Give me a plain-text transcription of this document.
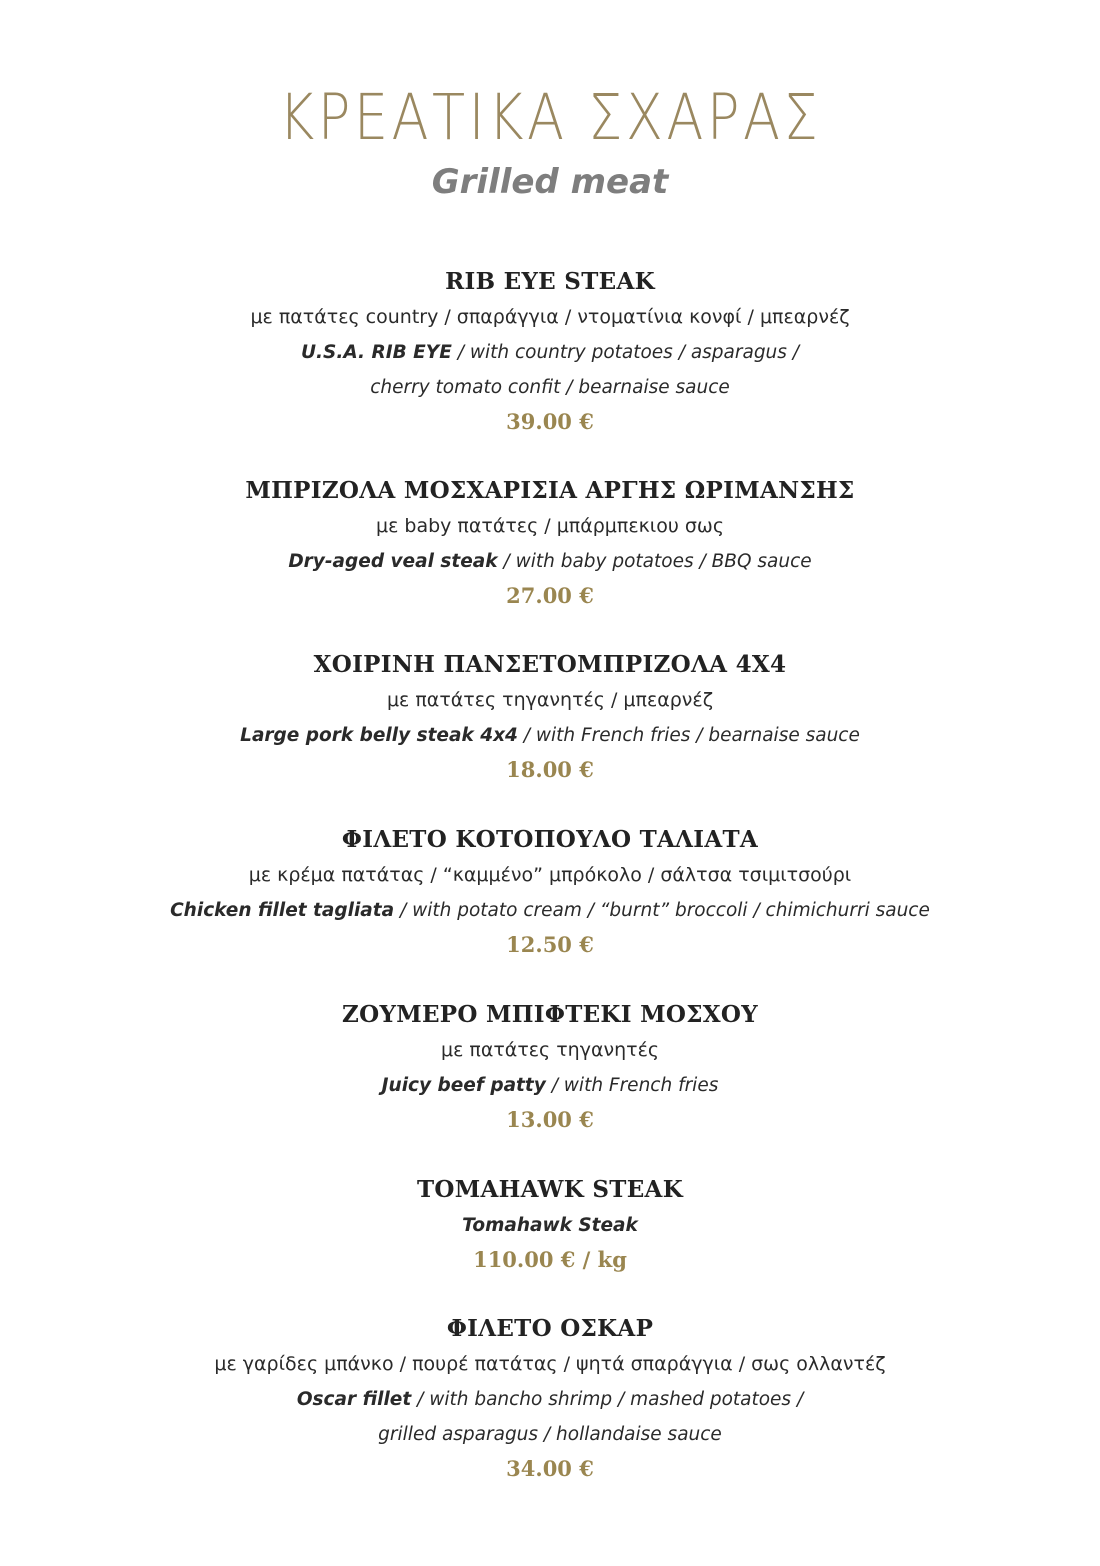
ΚΡΕΑΤΙΚΑ ΣΧΑΡΑΣ
Grilled meat
RIB EYE STEAK
με πατάτες country / σπαράγγια / ντοματίνια κονφί / μπεαρνέζ
U.S.A. RIB EYE / with country potatoes / asparagus /
cherry tomato confit / bearnaise sauce
39.00 €
ΜΠΡΙΖΟΛΑ ΜΟΣΧΑΡΙΣΙΑ ΑΡΓΗΣ ΩΡΙΜΑΝΣΗΣ
με baby πατάτες / μπάρμπεκιου σως
Dry-aged veal steak / with baby potatoes / BBQ sauce
27.00 €
ΧΟΙΡΙΝΗ ΠΑΝΣΕΤΟΜΠΡΙΖΟΛΑ 4Χ4
με πατάτες τηγανητές / μπεαρνέζ
Large pork belly steak 4x4 / with French fries / bearnaise sauce
18.00 €
ΦΙΛΕΤΟ ΚΟΤΟΠΟΥΛΟ ΤΑΛΙΑΤΑ
με κρέμα πατάτας / “καμμένο” μπρόκολο / σάλτσα τσιμιτσούρι
Chicken fillet tagliata / with potato cream / “burnt” broccoli / chimichurri sauce
12.50 €
ΖΟΥΜΕΡΟ ΜΠΙΦΤΕΚΙ ΜΟΣΧΟΥ
με πατάτες τηγανητές
Juicy beef patty / with French fries
13.00 €
TOMAHAWK STEAK
Tomahawk Steak
110.00 € / kg
ΦΙΛΕΤΟ ΟΣΚΑΡ
με γαρίδες μπάνκο / πουρέ πατάτας / ψητά σπαράγγια / σως ολλαντέζ
Oscar fillet / with bancho shrimp / mashed potatoes /
grilled asparagus / hollandaise sauce
34.00 €
